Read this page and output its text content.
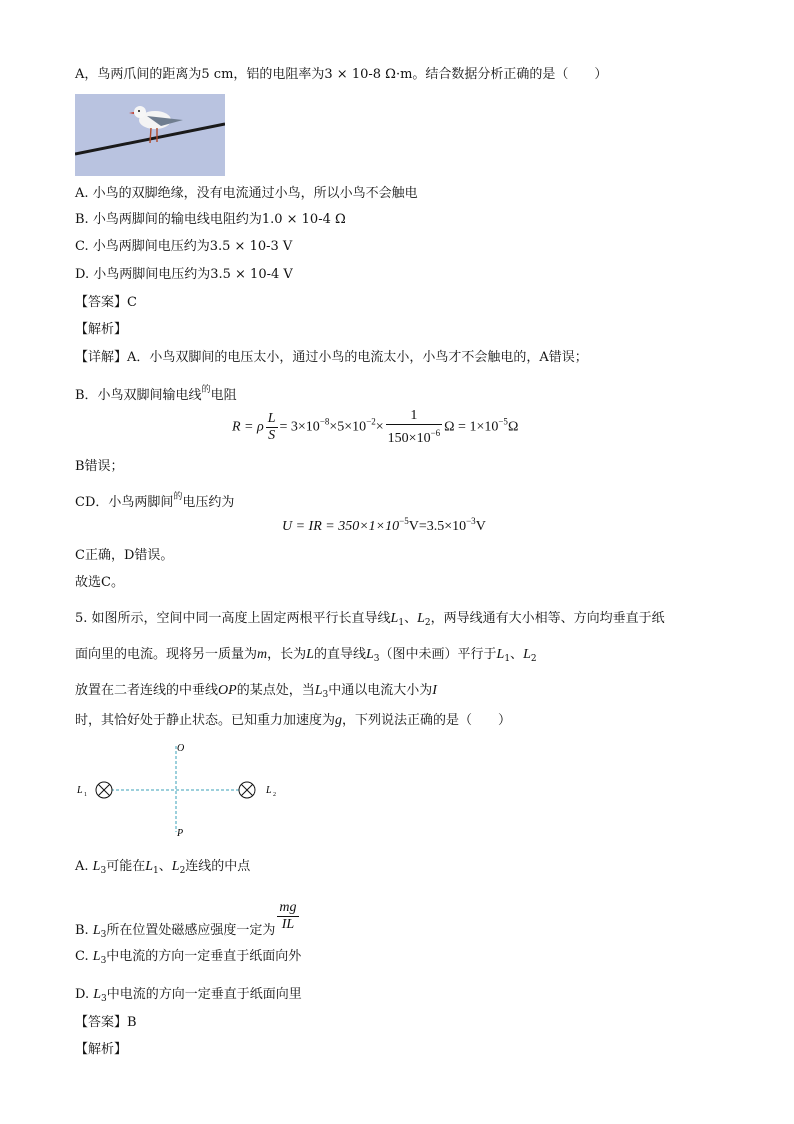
A，鸟两爪间的距离为5 cm，铝的电阻率为3 × 10-8 Ω·m。结合数据分析正确的是（　　）
A. 小鸟的双脚绝缘，没有电流通过小鸟，所以小鸟不会触电
B. 小鸟两脚间的输电线电阻约为1.0 × 10-4 Ω
C. 小鸟两脚间电压约为3.5 × 10-3 V
D. 小鸟两脚间电压约为3.5 × 10-4 V
【答案】C
【解析】
【详解】A．小鸟双脚间的电压太小，通过小鸟的电流太小，小鸟才不会触电的，A错误；
B．小鸟双脚间输电线$^的$电阻
R = ρ $\frac{L}{S} = 3\times 10^{-8}\times 5\times 10^{-2}\times \frac{1}{150\times 10^{-6}}$ $\Omega = 1\times 10^{-5}\Omega$
B错误；
CD．小鸟两脚间$^的$电压约为
U = IR = $350\times 1\times 10^{-5}V=3.5\times 10^{-3}V$
C正确，D错误。
故选C。
5. 如图所示，空间中同一高度上固定两根平行长直导线$L_1$、$L_2$，两导线通有大小相等、方向均垂直于纸
面向里的电流。现将另一质量为m，长为L的直导线$L_3$（图中未画）平行于$L_1$、$L_2$
放置在二者连线的中垂线OP的某点处，当$L_3$中通以电流大小为I
时，其恰好处于静止状态。已知重力加速度为g，下列说法正确的是（　　）
O
P
L 1	L 2
A. $L_3$可能在$L_1$、$L_2$连线的中点
B. $L_3$所在位置处磁感应强度一定为 $\frac{mg}{IL}$
C. $L_3$中电流的方向一定垂直于纸面向外
D. $L_3$中电流的方向一定垂直于纸面向里
【答案】B
【解析】
